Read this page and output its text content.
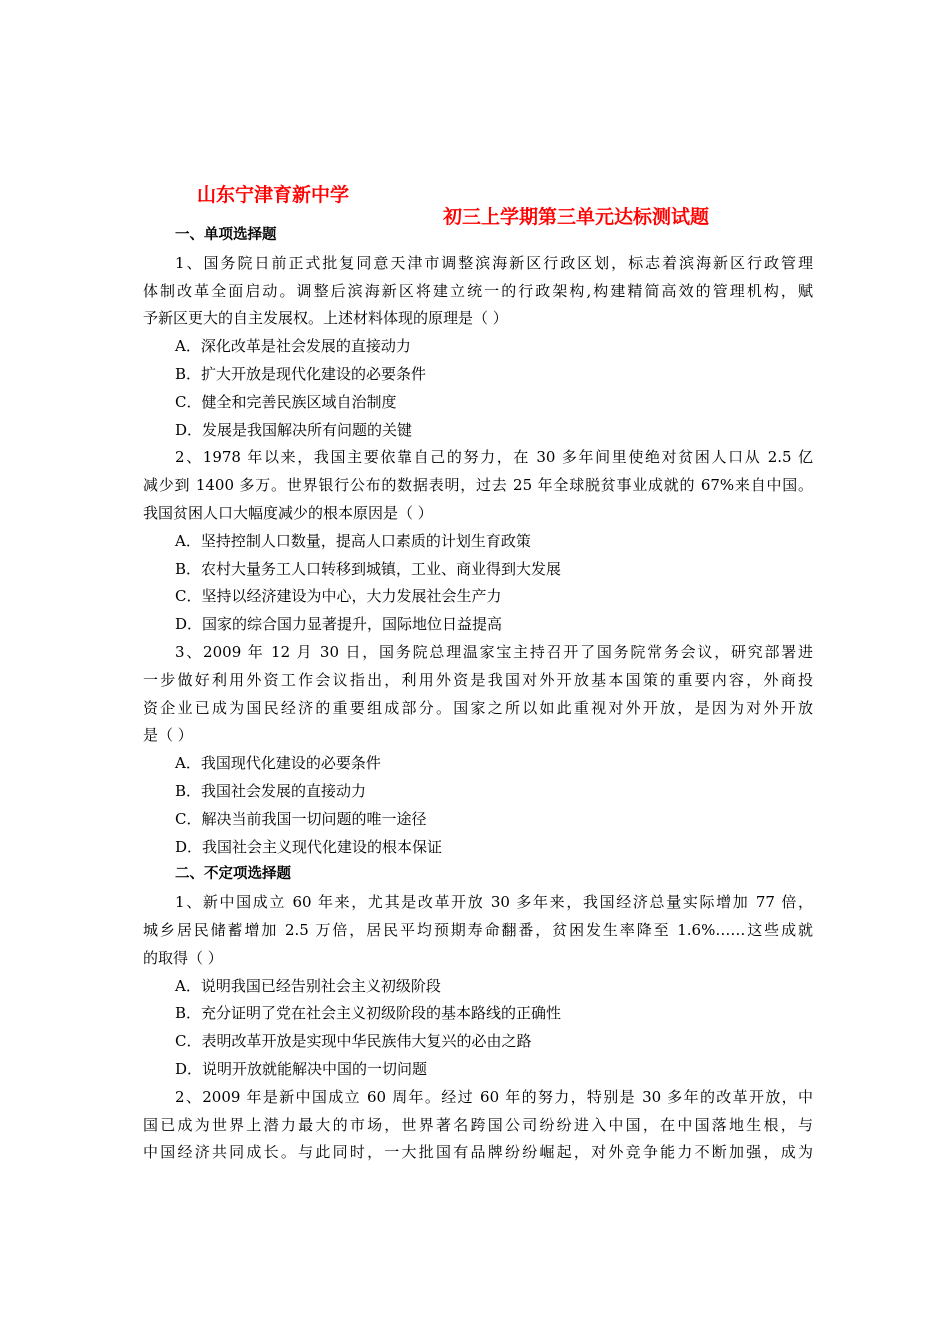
山东宁津育新中学

初三上学期第三单元达标测试题

一、单项选择题
1、国务院日前正式批复同意天津市调整滨海新区行政区划，标志着滨海新区行政管理
体制改革全面启动。调整后滨海新区将建立统一的行政架构,构建精简高效的管理机构，赋
予新区更大的自主发展权。上述材料体现的原理是（ ）
A．深化改革是社会发展的直接动力
B．扩大开放是现代化建设的必要条件
C．健全和完善民族区域自治制度
D．发展是我国解决所有问题的关键
2、1978 年以来，我国主要依靠自己的努力，在 30 多年间里使绝对贫困人口从 2.5 亿
减少到 1400 多万。世界银行公布的数据表明，过去 25 年全球脱贫事业成就的 67%来自中国。
我国贫困人口大幅度减少的根本原因是（ ）
A．坚持控制人口数量，提高人口素质的计划生育政策
B．农村大量务工人口转移到城镇，工业、商业得到大发展
C．坚持以经济建设为中心，大力发展社会生产力
D．国家的综合国力显著提升，国际地位日益提高
3、2009 年 12 月 30 日，国务院总理温家宝主持召开了国务院常务会议，研究部署进
一步做好利用外资工作会议指出，利用外资是我国对外开放基本国策的重要内容，外商投
资企业已成为国民经济的重要组成部分。国家之所以如此重视对外开放，是因为对外开放
是（ ）
A．我国现代化建设的必要条件
B．我国社会发展的直接动力
C．解决当前我国一切问题的唯一途径
D．我国社会主义现代化建设的根本保证
二、不定项选择题
1、新中国成立 60 年来，尤其是改革开放 30 多年来，我国经济总量实际增加 77 倍，
城乡居民储蓄增加 2.5 万倍，居民平均预期寿命翻番，贫困发生率降至 1.6%……这些成就
的取得（ ）
A．说明我国已经告别社会主义初级阶段
B．充分证明了党在社会主义初级阶段的基本路线的正确性
C．表明改革开放是实现中华民族伟大复兴的必由之路
D．说明开放就能解决中国的一切问题
2、2009 年是新中国成立 60 周年。经过 60 年的努力，特别是 30 多年的改革开放，中
国已成为世界上潜力最大的市场，世界著名跨国公司纷纷进入中国，在中国落地生根，与
中国经济共同成长。与此同时，一大批国有品牌纷纷崛起，对外竞争能力不断加强，成为
